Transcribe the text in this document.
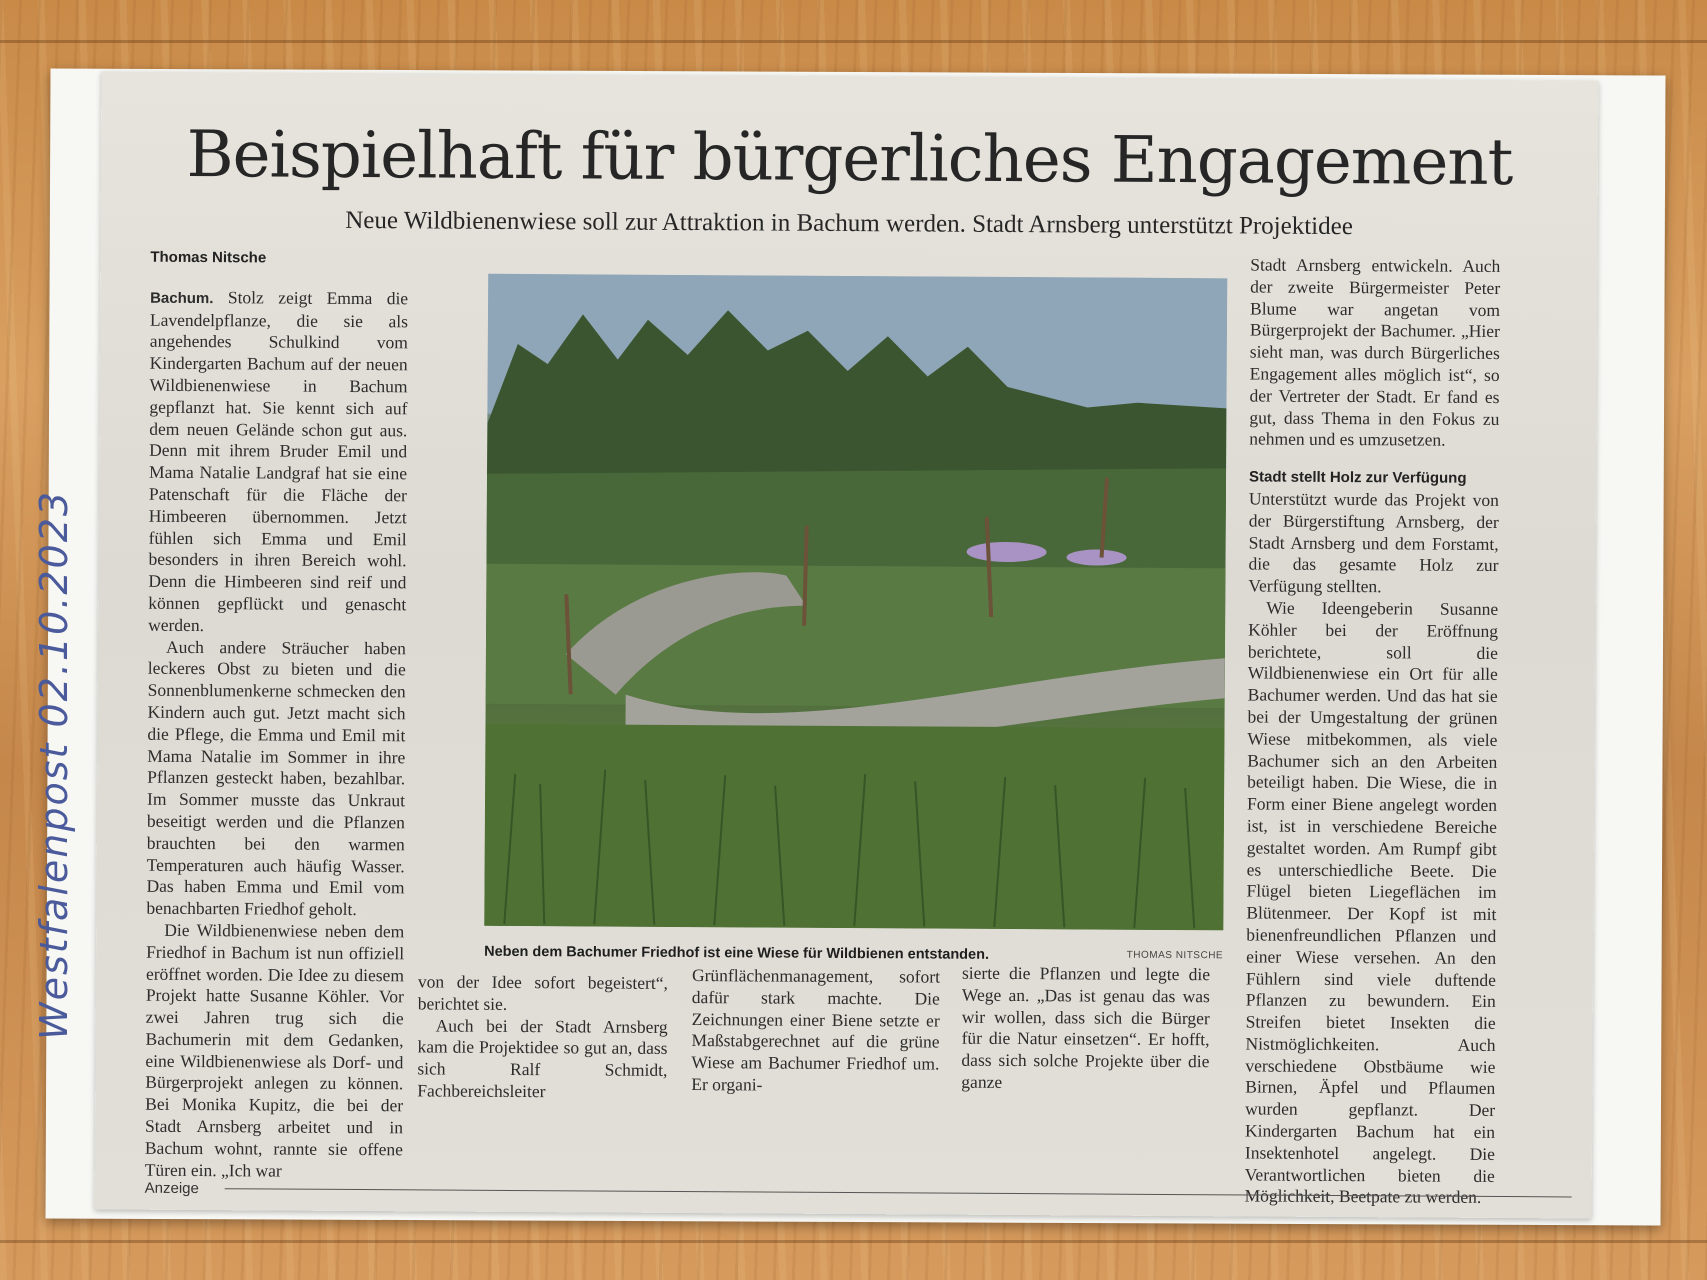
Westfalenpost 02.10.2023
Beispielhaft für bürgerliches Engagement
Neue Wildbienenwiese soll zur Attraktion in Bachum werden. Stadt Arnsberg unterstützt Projektidee
Thomas Nitsche

Bachum. Stolz zeigt Emma die Lavendelpflanze, die sie als angehendes Schulkind vom Kindergarten Bachum auf der neuen Wildbienenwiese in Bachum gepflanzt hat. Sie kennt sich auf dem neuen Gelände schon gut aus. Denn mit ihrem Bruder Emil und Mama Natalie Landgraf hat sie eine Patenschaft für die Fläche der Himbeeren übernommen. Jetzt fühlen sich Emma und Emil besonders in ihren Bereich wohl. Denn die Himbeeren sind reif und können gepflückt und genascht werden.

Auch andere Sträucher haben leckeres Obst zu bieten und die Sonnenblumenkerne schmecken den Kindern auch gut. Jetzt macht sich die Pflege, die Emma und Emil mit Mama Natalie im Sommer in ihre Pflanzen gesteckt haben, bezahlbar. Im Sommer musste das Unkraut beseitigt werden und die Pflanzen brauchten bei den warmen Temperaturen auch häufig Wasser. Das haben Emma und Emil vom benachbarten Friedhof geholt.

Die Wildbienenwiese neben dem Friedhof in Bachum ist nun offiziell eröffnet worden. Die Idee zu diesem Projekt hatte Susanne Köhler. Vor zwei Jahren trug sich die Bachumerin mit dem Gedanken, eine Wildbienenwiese als Dorf- und Bürgerprojekt anlegen zu können. Bei Monika Kupitz, die bei der Stadt Arnsberg arbeitet und in Bachum wohnt, rannte sie offene Türen ein. „Ich war

Neben dem Bachumer Friedhof ist eine Wiese für Wildbienen entstanden.	THOMAS NITSCHE

von der Idee sofort begeistert“, berichtet sie.

Auch bei der Stadt Arnsberg kam die Projektidee so gut an, dass sich Ralf Schmidt, Fachbereichsleiter

Grünflächenmanagement, sofort dafür stark machte. Die Zeichnungen einer Biene setzte er Maßstabgerechnet auf die grüne Wiese am Bachumer Friedhof um. Er organi-

sierte die Pflanzen und legte die Wege an. „Das ist genau das was wir wollen, dass sich die Bürger für die Natur einsetzen“. Er hofft, dass sich solche Projekte über die ganze

Stadt Arnsberg entwickeln. Auch der zweite Bürgermeister Peter Blume war angetan vom Bürgerprojekt der Bachumer. „Hier sieht man, was durch Bürgerliches Engagement alles möglich ist“, so der Vertreter der Stadt. Er fand es gut, dass Thema in den Fokus zu nehmen und es umzusetzen.

Stadt stellt Holz zur Verfügung

Unterstützt wurde das Projekt von der Bürgerstiftung Arnsberg, der Stadt Arnsberg und dem Forstamt, die das gesamte Holz zur Verfügung stellten.

Wie Ideengeberin Susanne Köhler bei der Eröffnung berichtete, soll die Wildbienenwiese ein Ort für alle Bachumer werden. Und das hat sie bei der Umgestaltung der grünen Wiese mitbekommen, als viele Bachumer sich an den Arbeiten beteiligt haben. Die Wiese, die in Form einer Biene angelegt worden ist, ist in verschiedene Bereiche gestaltet worden. Am Rumpf gibt es unterschiedliche Beete. Die Flügel bieten Liegeflächen im Blütenmeer. Der Kopf ist mit bienenfreundlichen Pflanzen und einer Wiese versehen. An den Fühlern sind viele duftende Pflanzen zu bewundern. Ein Streifen bietet Insekten die Nistmöglichkeiten. Auch verschiedene Obstbäume wie Birnen, Äpfel und Pflaumen wurden gepflanzt. Der Kindergarten Bachum hat ein Insektenhotel angelegt. Die Verantwortlichen bieten die Möglichkeit, Beetpate zu werden.

Anzeige
